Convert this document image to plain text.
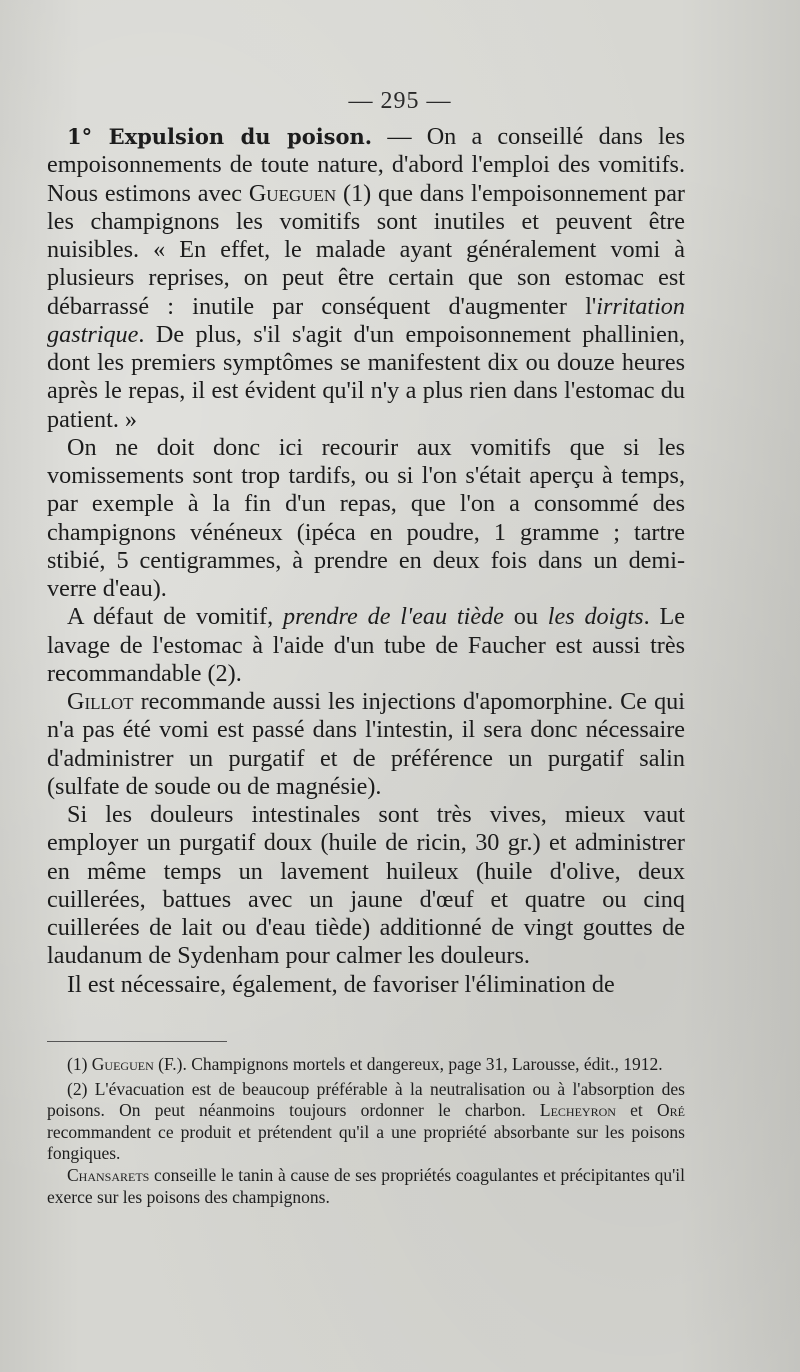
— 295 —

1° Expulsion du poison. — On a conseillé dans les empoisonnements de toute nature, d'abord l'emploi des vomitifs. Nous estimons avec Gueguen (1) que dans l'empoisonnement par les champignons les vomitifs sont inutiles et peuvent être nuisibles. « En effet, le malade ayant généralement vomi à plusieurs reprises, on peut être certain que son estomac est débarrassé : inutile par conséquent d'augmenter l'irritation gastrique. De plus, s'il s'agit d'un empoisonnement phallinien, dont les premiers symptômes se manifestent dix ou douze heures après le repas, il est évident qu'il n'y a plus rien dans l'estomac du patient. »

On ne doit donc ici recourir aux vomitifs que si les vomissements sont trop tardifs, ou si l'on s'était aperçu à temps, par exemple à la fin d'un repas, que l'on a consommé des champignons vénéneux (ipéca en poudre, 1 gramme ; tartre stibié, 5 centigrammes, à prendre en deux fois dans un demi-verre d'eau).

A défaut de vomitif, prendre de l'eau tiède ou les doigts. Le lavage de l'estomac à l'aide d'un tube de Faucher est aussi très recommandable (2).

Gillot recommande aussi les injections d'apomorphine. Ce qui n'a pas été vomi est passé dans l'intestin, il sera donc nécessaire d'administrer un purgatif et de préférence un purgatif salin (sulfate de soude ou de magnésie).

Si les douleurs intestinales sont très vives, mieux vaut employer un purgatif doux (huile de ricin, 30 gr.) et administrer en même temps un lavement huileux (huile d'olive, deux cuillerées, battues avec un jaune d'œuf et quatre ou cinq cuillerées de lait ou d'eau tiède) additionné de vingt gouttes de laudanum de Sydenham pour calmer les douleurs.

Il est nécessaire, également, de favoriser l'élimination de

(1) Gueguen (F.). Champignons mortels et dangereux, page 31, Larousse, édit., 1912.

(2) L'évacuation est de beaucoup préférable à la neutralisation ou à l'absorption des poisons. On peut néanmoins toujours ordonner le charbon. Lecheyron et Oré recommandent ce produit et prétendent qu'il a une propriété absorbante sur les poisons fongiques.

Chansarets conseille le tanin à cause de ses propriétés coagulantes et précipitantes qu'il exerce sur les poisons des champignons.
